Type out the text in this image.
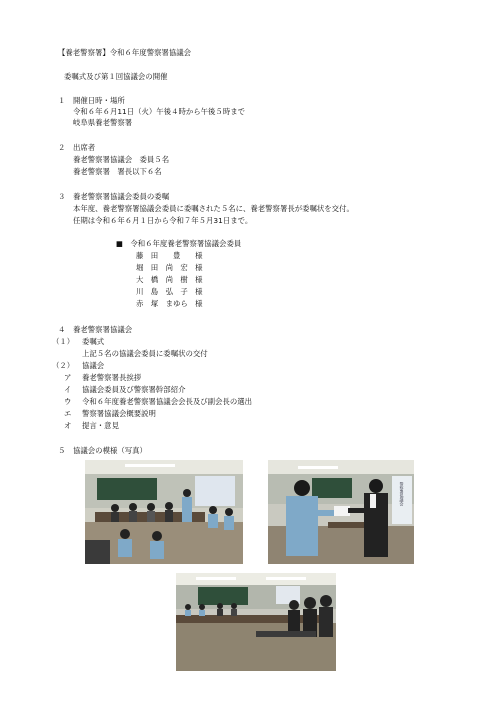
【養老警察署】令和６年度警察署協議会
委嘱式及び第１回協議会の開催
１ 開催日時・場所
令和６年６月11日（火）午後４時から午後５時まで
岐阜県養老警察署
２ 出席者
養老警察署協議会　委員５名
養老警察署　署長以下６名
３ 養老警察署協議会委員の委嘱
本年度、養老警察署協議会委員に委嘱された５名に、養老警察署長が委嘱状を交付。
任期は令和６年６月１日から令和７年５月31日まで。
■　令和６年度養老警察署協議会委員
藤　田　　豊　　様
堀　田　尚　宏　様
大　橋　尚　樹　様
川　島　弘　子　様
赤　塚　まゆら　様
４ 養老警察署協議会
（１） 委嘱式
上記５名の協議会委員に委嘱状の交付
（２） 協議会
ア 養老警察署長挨拶
イ 協議会委員及び警察署幹部紹介
ウ 令和６年度養老警察署協議会会長及び副会長の選出
エ 警察署協議会概要説明
オ 提言・意見
５ 協議会の模様（写真）
警察署協議会
